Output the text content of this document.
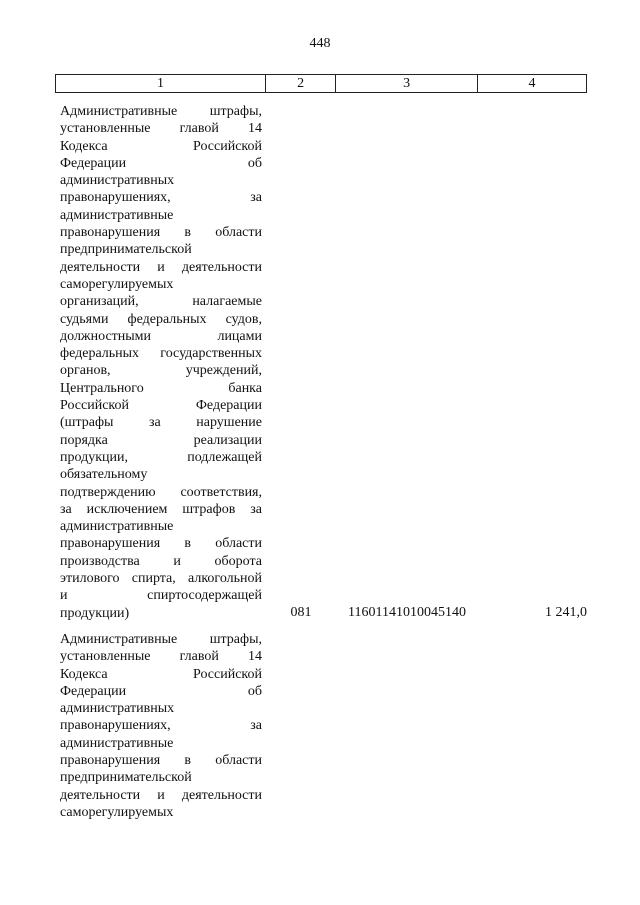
448
1	2	3	4
Административные штрафы,
установленные главой 14
Кодекса Российской
Федерации об
административных
правонарушениях, за
административные
правонарушения в области
предпринимательской
деятельности и деятельности
саморегулируемых
организаций, налагаемые
судьями федеральных судов,
должностными лицами
федеральных государственных
органов, учреждений,
Центрального банка
Российской Федерации
(штрафы за нарушение
порядка реализации
продукции, подлежащей
обязательному
подтверждению соответствия,
за исключением штрафов за
административные
правонарушения в области
производства и оборота
этилового спирта, алкогольной
и спиртосодержащей
продукции)	081	11601141010045140	1 241,0
Административные штрафы,
установленные главой 14
Кодекса Российской
Федерации об
административных
правонарушениях, за
административные
правонарушения в области
предпринимательской
деятельности и деятельности
саморегулируемых
